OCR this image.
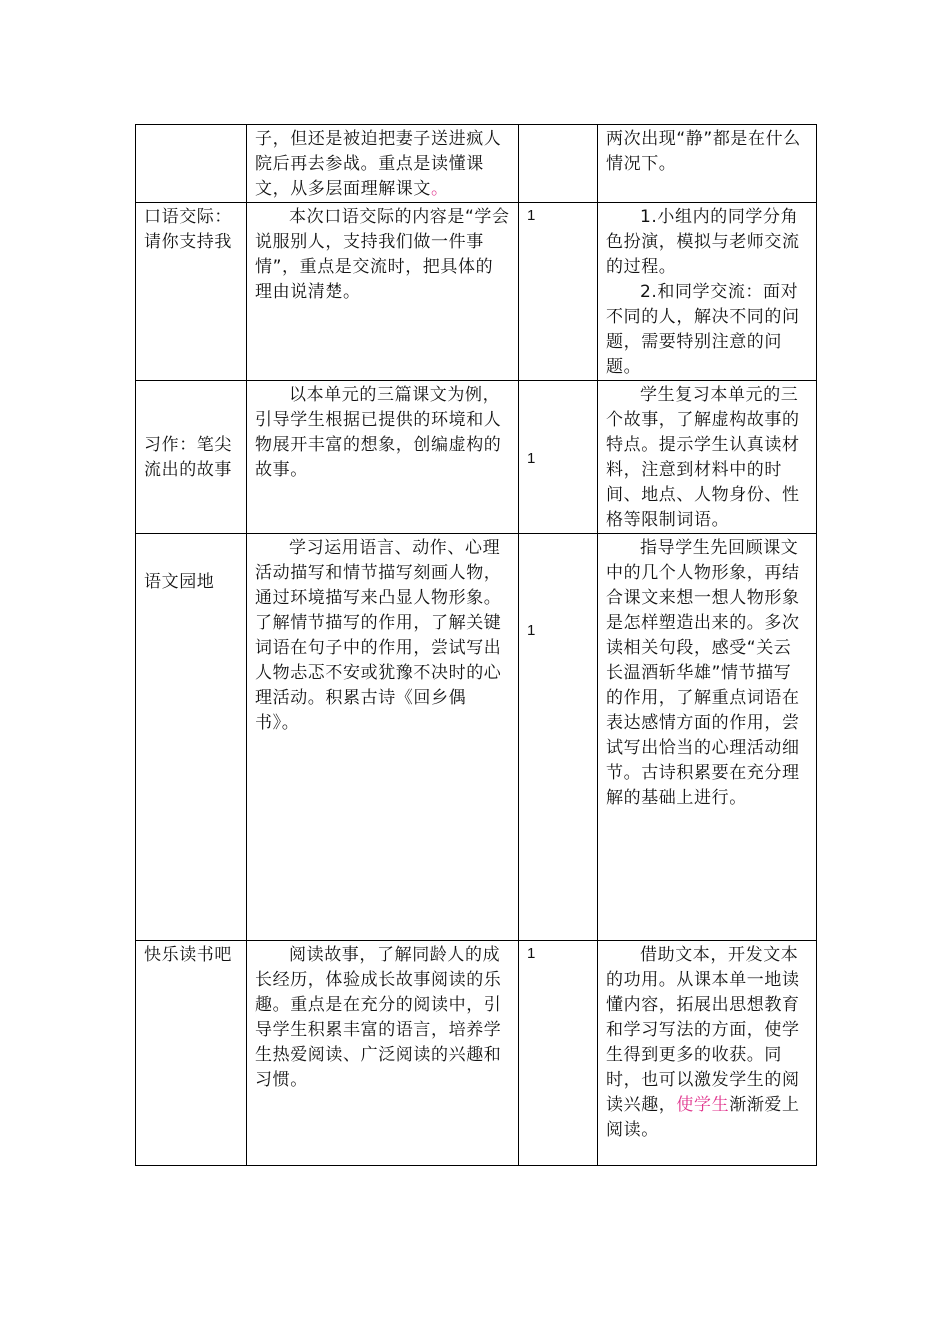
	子，但还是被迫把妻子送进疯人院后再去参战。重点是读懂课文，从多层面理解课文。		两次出现“静”都是在什么情况下。

口语交际：请你支持我	本次口语交际的内容是“学会说服别人，支持我们做一件事情”，重点是交流时，把具体的理由说清楚。	1	1.小组内的同学分角色扮演，模拟与老师交流的过程。

2.和同学交流：面对不同的人，解决不同的问题，需要特别注意的问题。

习作：笔尖流出的故事	以本单元的三篇课文为例，引导学生根据已提供的环境和人物展开丰富的想象，创编虚构的故事。	1	学生复习本单元的三个故事，了解虚构故事的特点。提示学生认真读材料，注意到材料中的时间、地点、人物身份、性格等限制词语。

语文园地	学习运用语言、动作、心理活动描写和情节描写刻画人物，通过环境描写来凸显人物形象。了解情节描写的作用，了解关键词语在句子中的作用，尝试写出人物忐忑不安或犹豫不决时的心理活动。积累古诗《回乡偶书》。	1	指导学生先回顾课文中的几个人物形象，再结合课文来想一想人物形象是怎样塑造出来的。多次读相关句段，感受“关云长温酒斩华雄”情节描写的作用，了解重点词语在表达感情方面的作用，尝试写出恰当的心理活动细节。古诗积累要在充分理解的基础上进行。

快乐读书吧	阅读故事，了解同龄人的成长经历，体验成长故事阅读的乐趣。重点是在充分的阅读中，引导学生积累丰富的语言，培养学生热爱阅读、广泛阅读的兴趣和习惯。	1	借助文本，开发文本的功用。从课本单一地读懂内容，拓展出思想教育和学习写法的方面，使学生得到更多的收获。同时，也可以激发学生的阅读兴趣，使学生渐渐爱上阅读。
